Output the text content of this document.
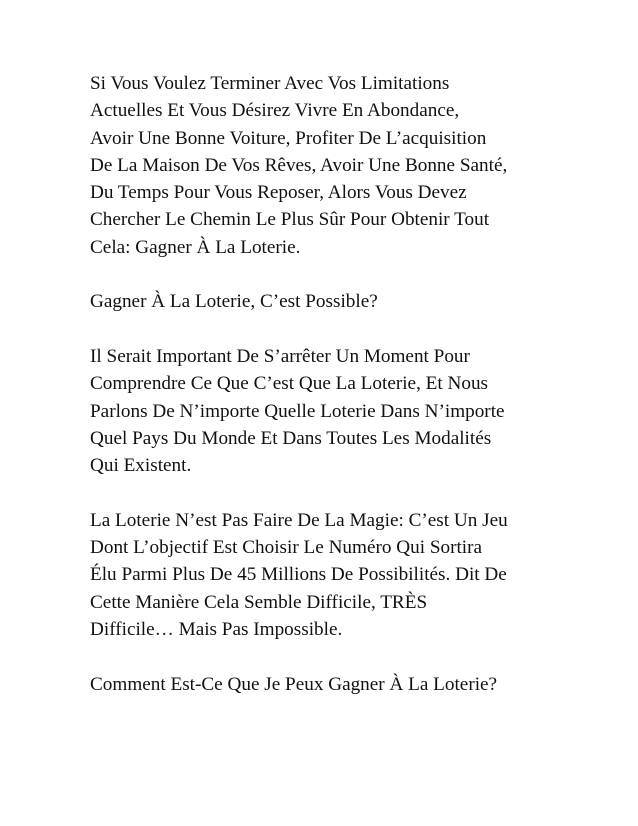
Si Vous Voulez Terminer Avec Vos Limitations
Actuelles Et Vous Désirez Vivre En Abondance,
Avoir Une Bonne Voiture, Profiter De L’acquisition
De La Maison De Vos Rêves, Avoir Une Bonne Santé,
Du Temps Pour Vous Reposer, Alors Vous Devez
Chercher Le Chemin Le Plus Sûr Pour Obtenir Tout
Cela: Gagner À La Loterie.

Gagner À La Loterie, C’est Possible?

Il Serait Important De S’arrêter Un Moment Pour
Comprendre Ce Que C’est Que La Loterie, Et Nous
Parlons De N’importe Quelle Loterie Dans N’importe
Quel Pays Du Monde Et Dans Toutes Les Modalités
Qui Existent.

La Loterie N’est Pas Faire De La Magie: C’est Un Jeu
Dont L’objectif Est Choisir Le Numéro Qui Sortira
Élu Parmi Plus De 45 Millions De Possibilités. Dit De
Cette Manière Cela Semble Difficile, TRÈS
Difficile… Mais Pas Impossible.

Comment Est-Ce Que Je Peux Gagner À La Loterie?
